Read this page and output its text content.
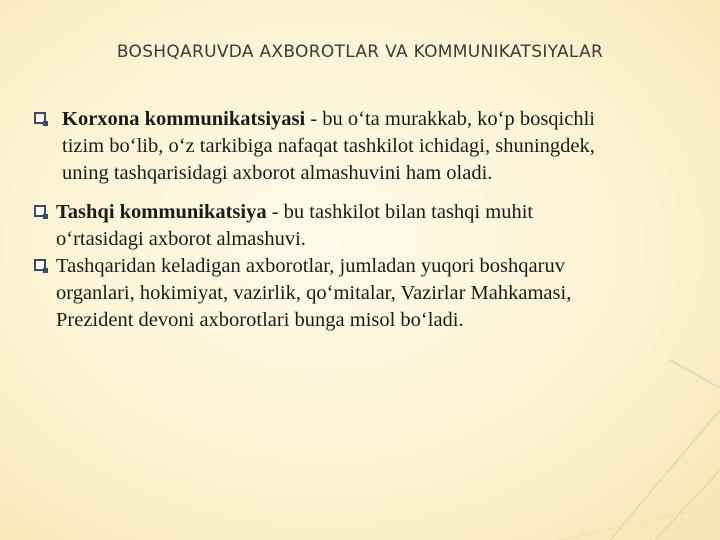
BOSHQARUVDA AXBOROTLAR VA KOMMUNIKATSIYALAR
Korxona kommunikatsiyasi - bu o‘ta murakkab, ko‘p bosqichli
tizim bo‘lib, o‘z tarkibiga nafaqat tashkilot ichidagi, shuningdek,
uning tashqarisidagi axborot almashuvini ham oladi.
Tashqi kommunikatsiya - bu tashkilot bilan tashqi muhit
o‘rtasidagi axborot almashuvi.
Tashqaridan keladigan axborotlar, jumladan yuqori boshqaruv
organlari, hokimiyat, vazirlik, qo‘mitalar, Vazirlar Mahkamasi,
Prezident devoni axborotlari bunga misol bo‘ladi.
